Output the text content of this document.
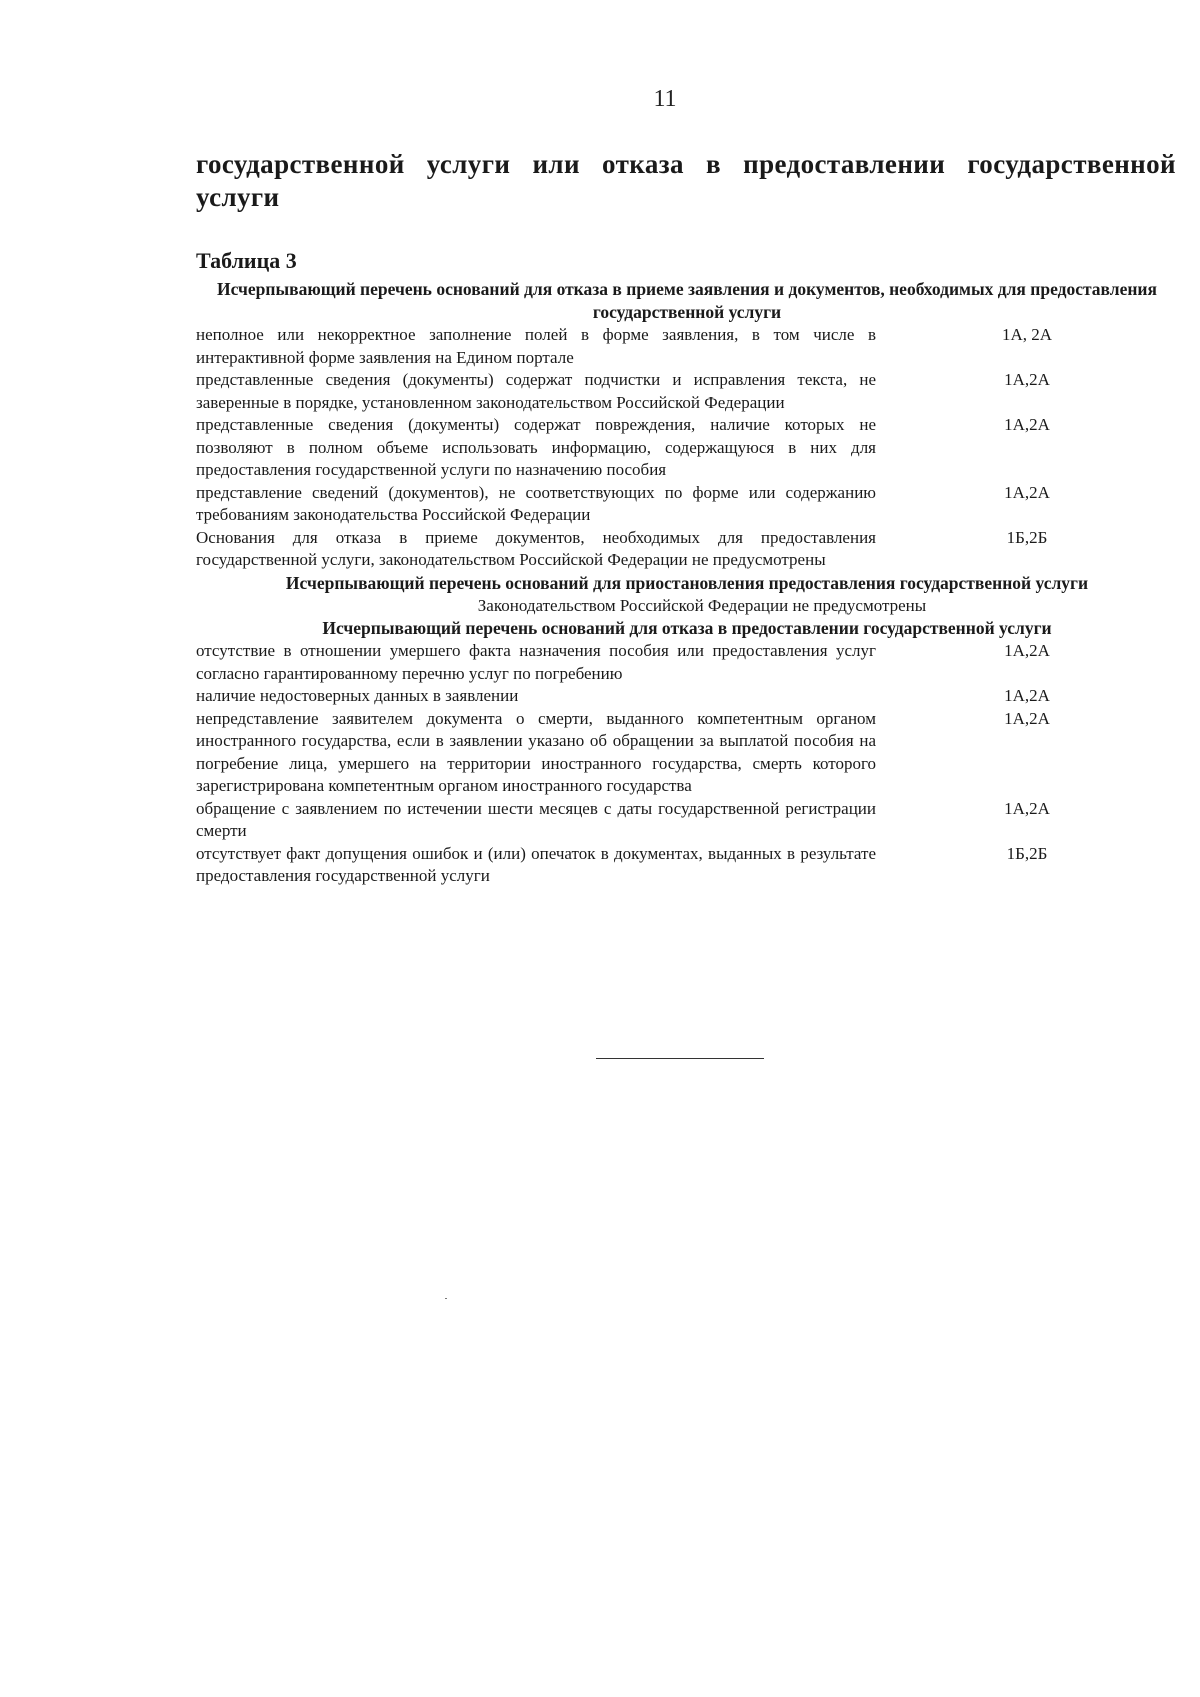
11
государственной услуги или отказа в предоставлении государственной услуги
Таблица 3
Исчерпывающий перечень оснований для отказа в приеме заявления и документов, необходимых для предоставления государственной услуги
неполное или некорректное заполнение полей в форме заявления, в том числе в интерактивной форме заявления на Едином портале
1А, 2А
представленные сведения (документы) содержат подчистки и исправления текста, не заверенные в порядке, установленном законодательством Российской Федерации
1А,2А
представленные сведения (документы) содержат повреждения, наличие которых не позволяют в полном объеме использовать информацию, содержащуюся в них для предоставления государственной услуги по назначению пособия
1А,2А
представление сведений (документов), не соответствующих по форме или содержанию требованиям законодательства Российской Федерации
1А,2А
Основания для отказа в приеме документов, необходимых для предоставления государственной услуги, законодательством Российской Федерации не предусмотрены
1Б,2Б
Исчерпывающий перечень оснований для приостановления предоставления государственной услуги
Законодательством Российской Федерации не предусмотрены
Исчерпывающий перечень оснований для отказа в предоставлении государственной услуги
отсутствие в отношении умершего факта назначения пособия или предоставления услуг согласно гарантированному перечню услуг по погребению
1А,2А
наличие недостоверных данных в заявлении	1А,2А
непредставление заявителем документа о смерти, выданного компетентным органом иностранного государства, если в заявлении указано об обращении за выплатой пособия на погребение лица, умершего на территории иностранного государства, смерть которого зарегистрирована компетентным органом иностранного государства
1А,2А
обращение с заявлением по истечении шести месяцев с даты государственной регистрации смерти
1А,2А
отсутствует факт допущения ошибок и (или) опечаток в документах, выданных в результате предоставления государственной услуги
1Б,2Б
